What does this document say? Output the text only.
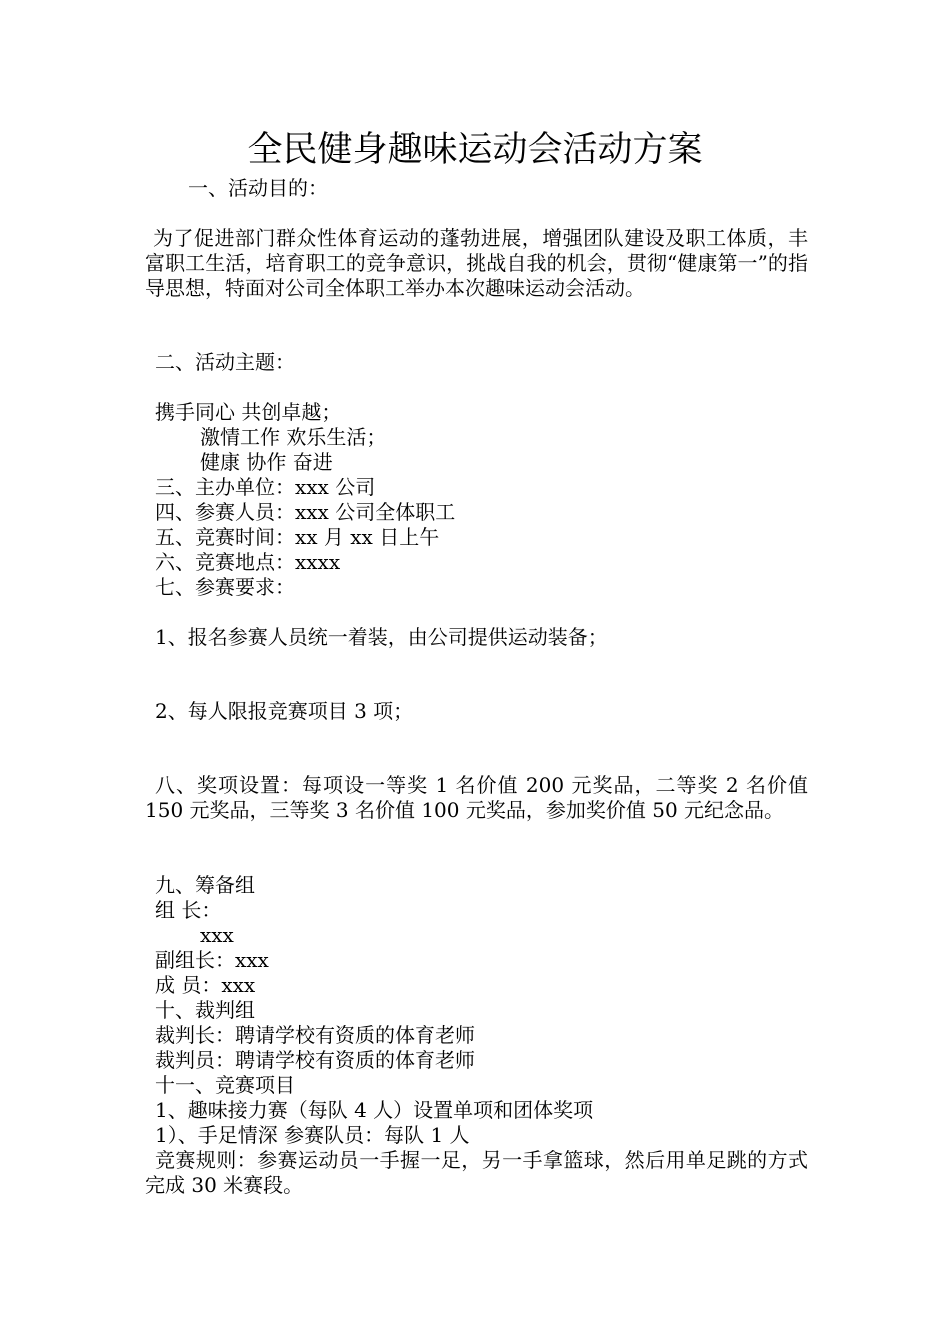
全民健身趣味运动会活动方案
一、活动目的：
为了促进部门群众性体育运动的蓬勃进展，增强团队建设及职工体质，丰富职工生活，培育职工的竞争意识，挑战自我的机会，贯彻“健康第一”的指导思想，特面对公司全体职工举办本次趣味运动会活动。
二、活动主题：
携手同心 共创卓越；
激情工作 欢乐生活；
健康 协作 奋进
三、主办单位：xxx 公司
四、参赛人员：xxx 公司全体职工
五、竞赛时间：xx 月 xx 日上午
六、竞赛地点：xxxx
七、参赛要求：
1、报名参赛人员统一着装，由公司提供运动装备；
2、每人限报竞赛项目 3 项；
八、奖项设置：每项设一等奖 1 名价值 200 元奖品，二等奖 2 名价值 150 元奖品，三等奖 3 名价值 100 元奖品，参加奖价值 50 元纪念品。
九、筹备组
组 长：
xxx
副组长：xxx
成 员：xxx
十、裁判组
裁判长：聘请学校有资质的体育老师
裁判员：聘请学校有资质的体育老师
十一、竞赛项目
1、趣味接力赛（每队 4 人）设置单项和团体奖项
1）、手足情深 参赛队员：每队 1 人
竞赛规则：参赛运动员一手握一足，另一手拿篮球，然后用单足跳的方式完成 30 米赛段。
